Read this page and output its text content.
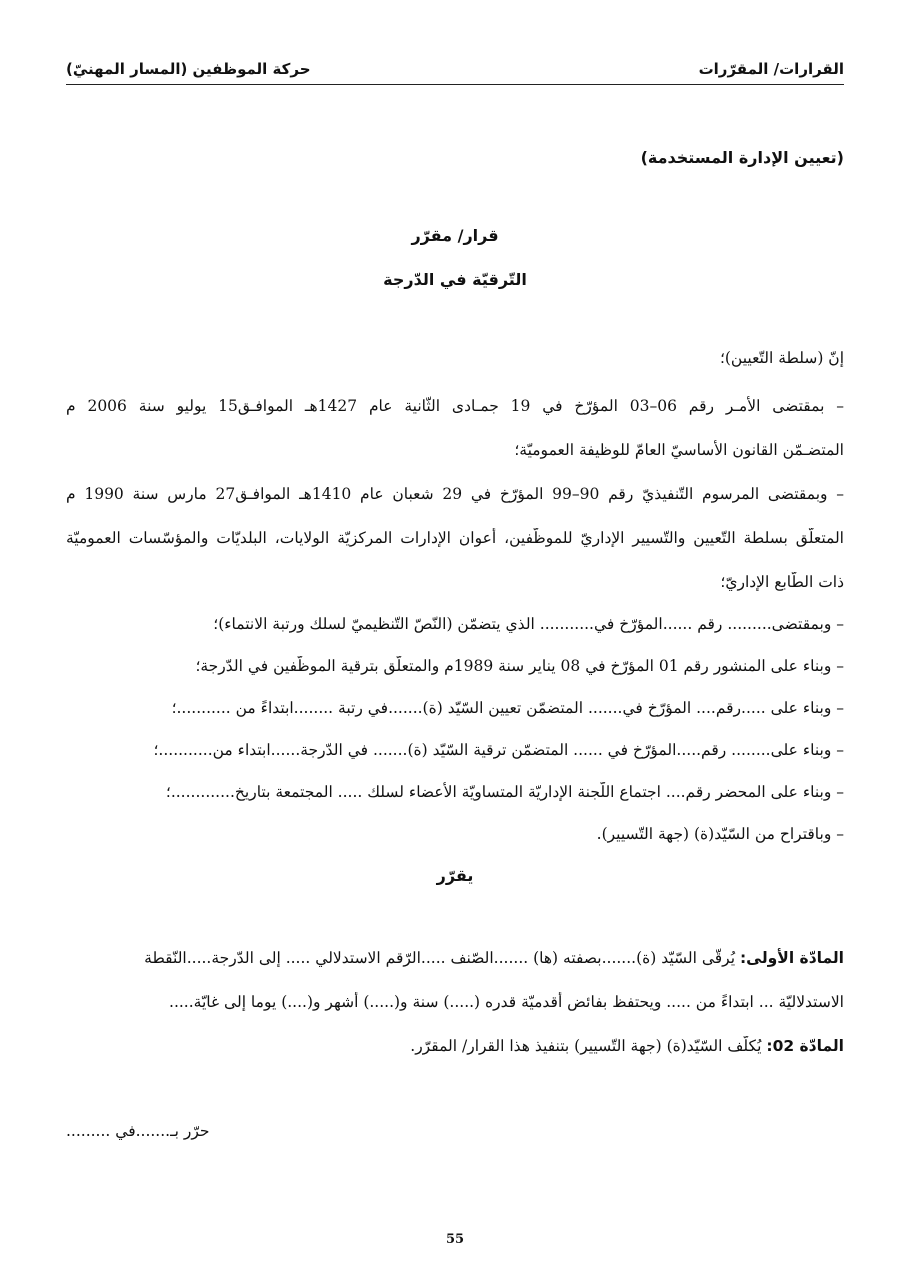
القرارات/ المقرّرات
حركة الموظفين (المسار المهنيّ)
(تعيين الإدارة المستخدمة)
قرار/ مقرّر
التّرقيّة في الدّرجة
إنّ (سلطة التّعيين)؛
– بمقتضى الأمـر رقم 06–03 المؤرّخ في 19 جمـادى الثّانية عام 1427هـ الموافـق15 يوليو سنة 2006 م
المتضـمّن القانون الأساسيّ العامّ للوظيفة العموميّة؛
– وبمقتضى المرسوم التّنفيذيّ رقم 90–99 المؤرّخ في 29 شعبان عام 1410هـ الموافـق27 مارس سنة 1990 م
المتعلّق بسلطة التّعيين والتّسيير الإداريّ للموظّفين، أعوان الإدارات المركزيّة الولايات، البلديّات والمؤسّسات العموميّة
ذات الطّابع الإداريّ؛
– وبمقتضى......... رقم ......المؤرّخ في........... الذي يتضمّن (النّصّ التّنظيميّ لسلك ورتبة الانتماء)؛
– وبناء على المنشور رقم 01 المؤرّخ في 08 يناير سنة 1989م والمتعلّق بترقية الموظّفين في الدّرجة؛
– وبناء على .....رقم.... المؤرّخ في....... المتضمّن تعيين السّيّد (ة).......في رتبة ........ابتداءً من ...........؛
– وبناء على........ رقم.....المؤرّخ في ...... المتضمّن ترقية السّيّد (ة)....... في الدّرجة......ابتداء من...........؛
– وبناء على المحضر رقم.... اجتماع اللّجنة الإداريّة المتساويّة الأعضاء لسلك ..... المجتمعة بتاريخ.............؛
– وباقتراح من السّيّد(ة) (جهة التّسيير).
يقرّر
المادّة الأولى: يُرقّى السّيّد (ة).......بصفته (ها) .......الصّنف .....الرّقم الاستدلالي ..... إلى الدّرجة.....النّقطة
الاستدلاليّة ... ابتداءً من ..... ويحتفظ بفائض أقدميّة قدره (.....) سنة و(.....) أشهر و(....) يوما إلى غايّة.....
المادّة 02: يُكلّف السّيّد(ة) (جهة التّسيير) بتنفيذ هذا القرار/ المقرّر.
حرّر بـ.......في .........
55
